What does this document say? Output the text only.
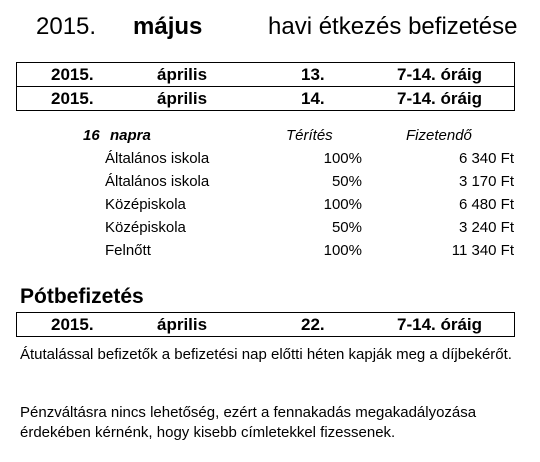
2015. május	havi étkezés befizetése
2015.	április	13.	7-14. óráig
2015.	április	14.	7-14. óráig
16 napra	Térítés	Fizetendő
Általános iskola	100%	6 340 Ft
Általános iskola	50%	3 170 Ft
Középiskola	100%	6 480 Ft
Középiskola	50%	3 240 Ft
Felnőtt	100%	11 340 Ft
Pótbefizetés
2015.	április	22.	7-14. óráig
Átutalással befizetők a befizetési nap előtti héten kapják meg a díjbekérőt.
Pénzváltásra nincs lehetőség, ezért a fennakadás megakadályozása érdekében kérnénk, hogy kisebb címletekkel fizessenek.
